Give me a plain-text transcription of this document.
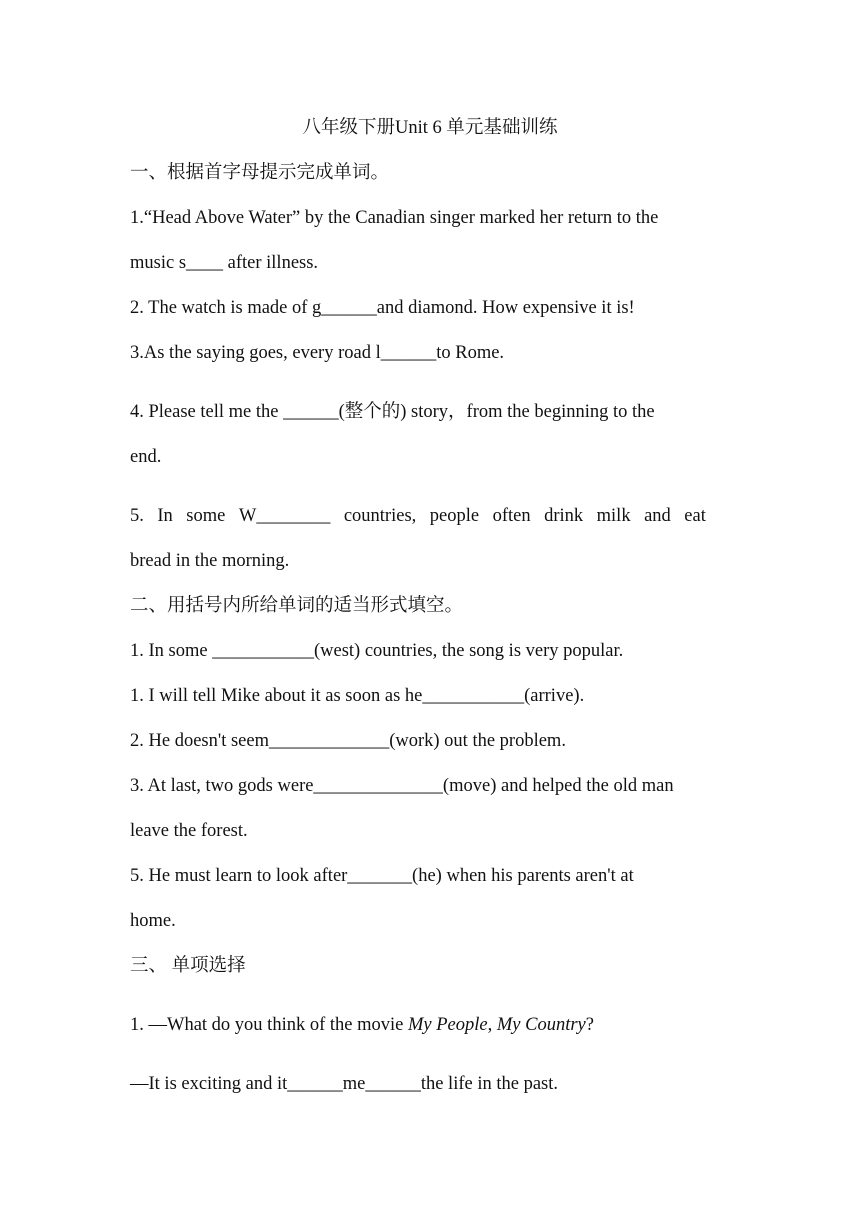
八年级下册Unit 6 单元基础训练
一、根据首字母提示完成单词。
1.“Head Above Water” by the Canadian singer marked her return to the
music s____ after illness.
2. The watch is made of g______and diamond. How expensive it is!
3.As the saying goes, every road l______to Rome.
4. Please tell me the ______(整个的) story，from the beginning to the
end.
5. In some W________ countries, people often drink milk and eat
bread in the morning.
二、用括号内所给单词的适当形式填空。
1. In some ___________(west) countries, the song is very popular.
1. I will tell Mike about it as soon as he___________(arrive).
2. He doesn't seem_____________(work) out the problem.
3. At last, two gods were______________(move) and helped the old man
leave the forest.
5. He must learn to look after_______(he) when his parents aren't at
home.
三、 单项选择
1. —What do you think of the movie My People, My Country?
—It is exciting and it______me______the life in the past.
